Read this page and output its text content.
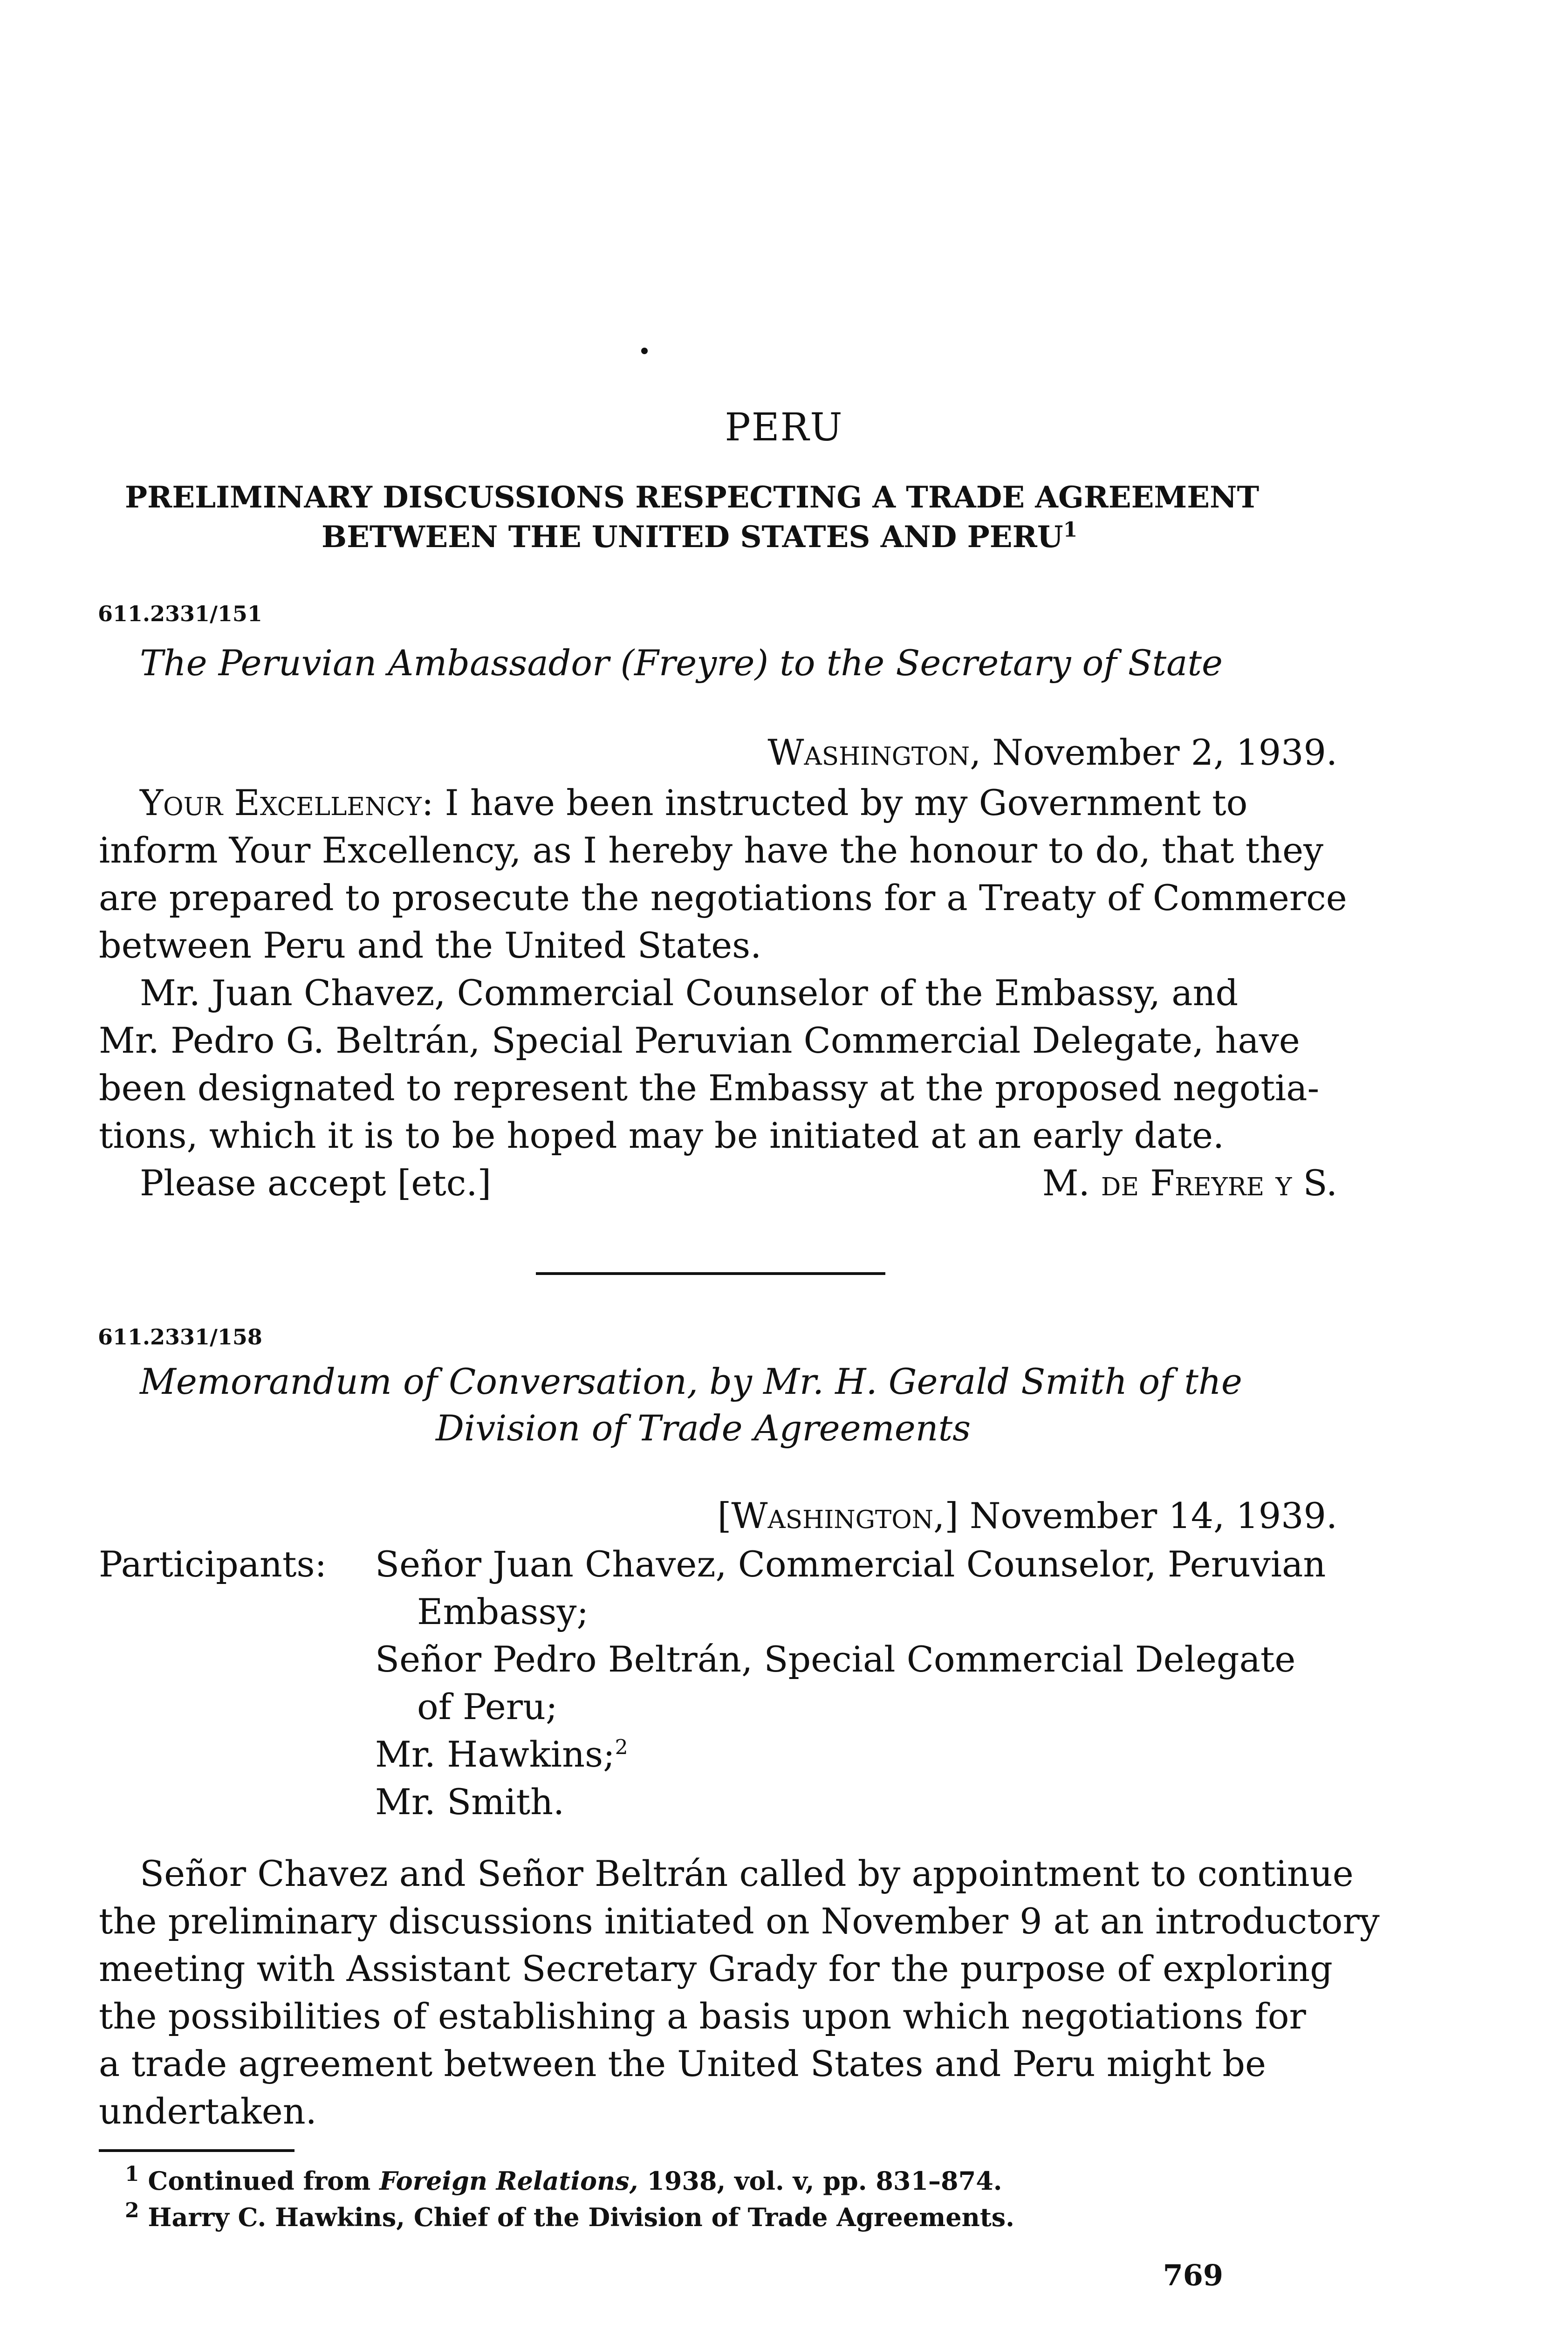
PERU
PRELIMINARY DISCUSSIONS RESPECTING A TRADE AGREEMENT
BETWEEN THE UNITED STATES AND PERU$^1$
611.2331/151
The Peruvian Ambassador (Freyre) to the Secretary of State
Washington, November 2, 1939.
Your Excellency: I have been instructed by my Government to
inform Your Excellency, as I hereby have the honour to do, that they
are prepared to prosecute the negotiations for a Treaty of Commerce
between Peru and the United States.
Mr. Juan Chavez, Commercial Counselor of the Embassy, and
Mr. Pedro G. Beltrán, Special Peruvian Commercial Delegate, have
been designated to represent the Embassy at the proposed negotia-
tions, which it is to be hoped may be initiated at an early date.
Please accept [etc.]	M. de Freyre y S.
611.2331/158
Memorandum of Conversation, by Mr. H. Gerald Smith of the
Division of Trade Agreements
[Washington,] November 14, 1939.
Participants: Señor Juan Chavez, Commercial Counselor, Peruvian
Embassy;
Señor Pedro Beltrán, Special Commercial Delegate
of Peru;
Mr. Hawkins;$^2$
Mr. Smith.
Señor Chavez and Señor Beltrán called by appointment to continue
the preliminary discussions initiated on November 9 at an introductory
meeting with Assistant Secretary Grady for the purpose of exploring
the possibilities of establishing a basis upon which negotiations for
a trade agreement between the United States and Peru might be
undertaken.
$^1$ Continued from Foreign Relations, 1938, vol. v, pp. 831–874.
$^2$ Harry C. Hawkins, Chief of the Division of Trade Agreements.
769
